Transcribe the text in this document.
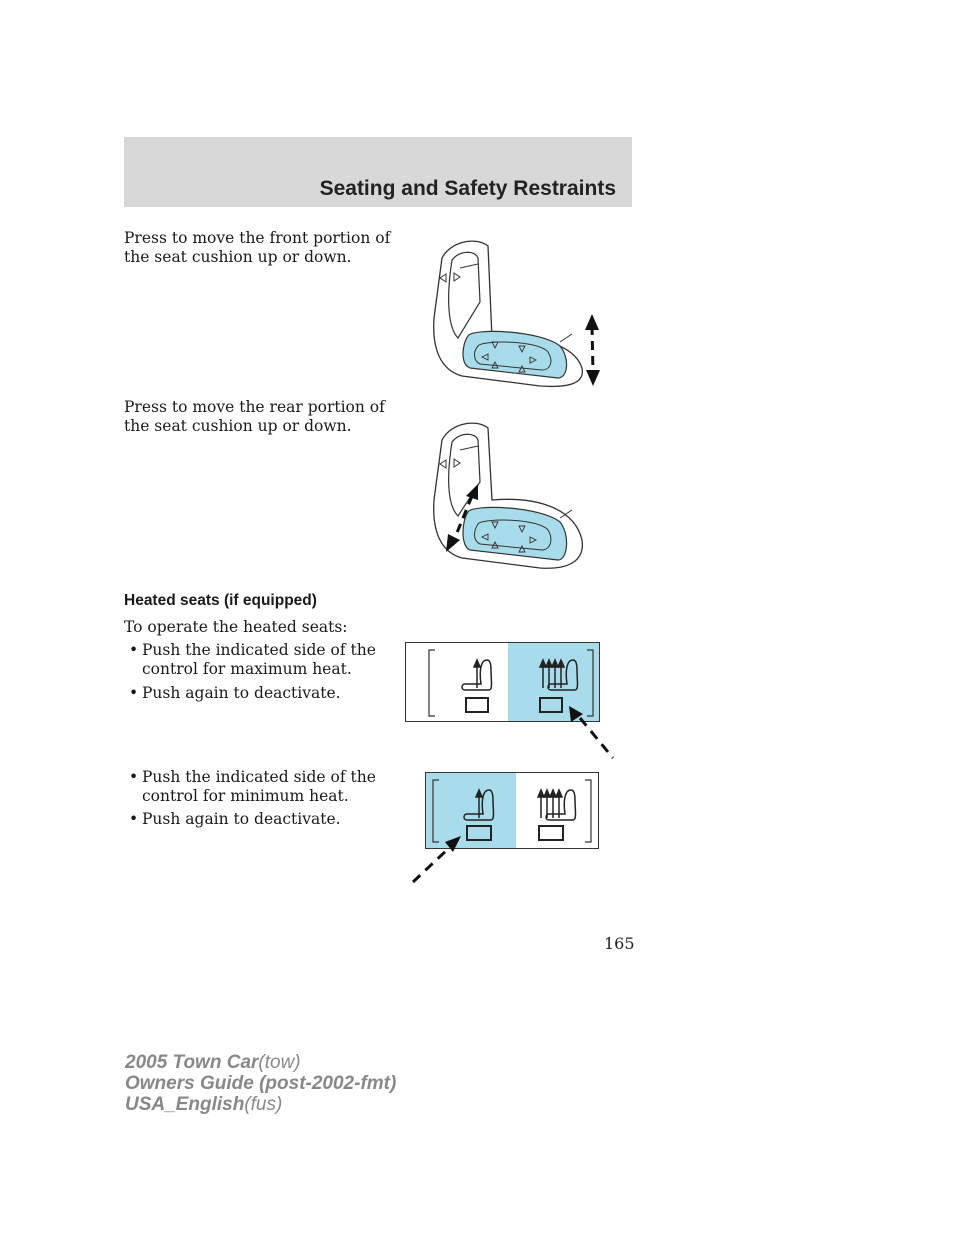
Seating and Safety Restraints
Press to move the front portion of the seat cushion up or down.
Press to move the rear portion of the seat cushion up or down.
Heated seats (if equipped)
To operate the heated seats:
• Push the indicated side of the control for maximum heat.
• Push again to deactivate.
• Push the indicated side of the control for minimum heat.
• Push again to deactivate.
165
2005 Town Car(tow)
Owners Guide (post-2002-fmt)
USA_English(fus)
